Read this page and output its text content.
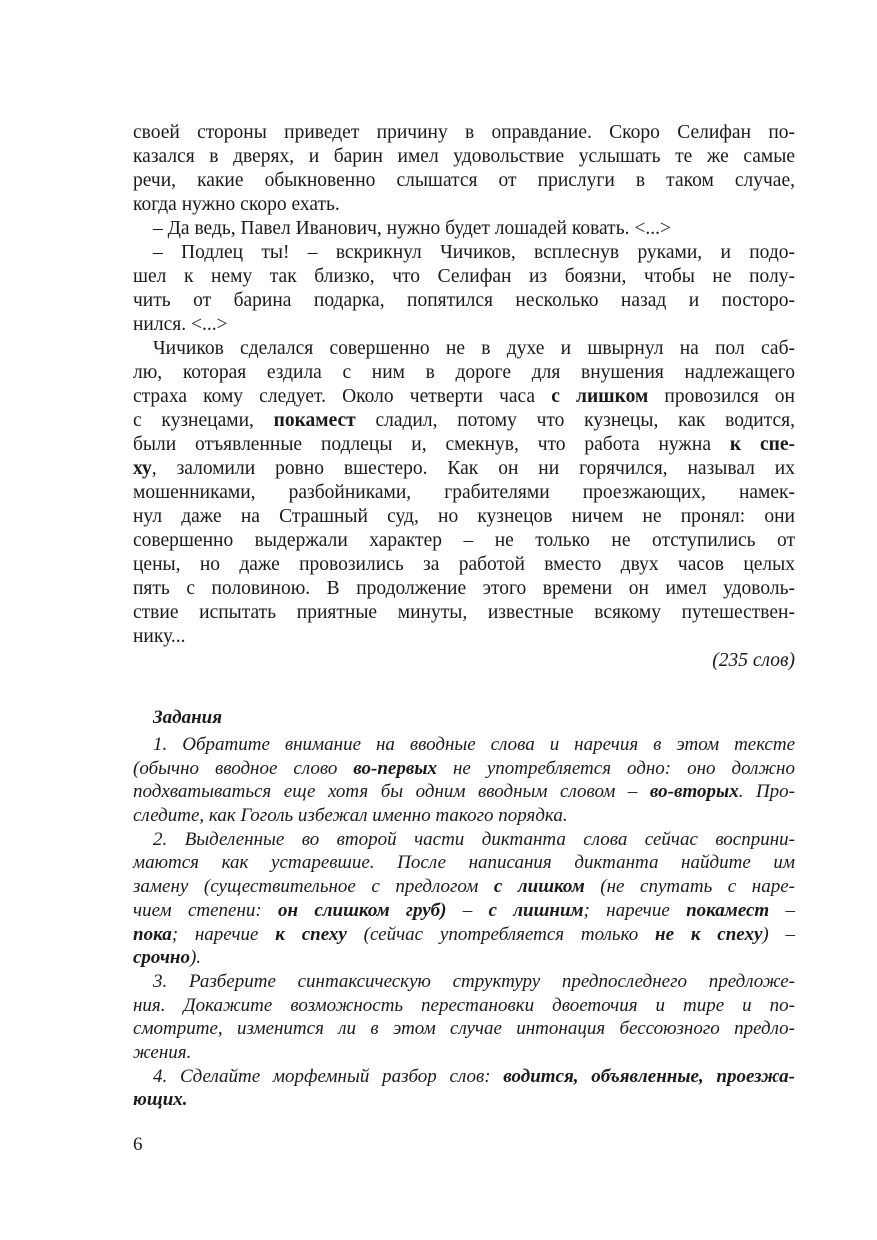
своей стороны приведет причину в оправдание. Скоро Селифан по-
казался в дверях, и барин имел удовольствие услышать те же самые
речи, какие обыкновенно слышатся от прислуги в таком случае,
когда нужно скоро ехать.
– Да ведь, Павел Иванович, нужно будет лошадей ковать. <...>
– Подлец ты! – вскрикнул Чичиков, всплеснув руками, и подо-
шел к нему так близко, что Селифан из боязни, чтобы не полу-
чить от барина подарка, попятился несколько назад и посторо-
нился. <...>
Чичиков сделался совершенно не в духе и швырнул на пол саб-
лю, которая ездила с ним в дороге для внушения надлежащего
страха кому следует. Около четверти часа с лишком провозился он
с кузнецами, покамест сладил, потому что кузнецы, как водится,
были отъявленные подлецы и, смекнув, что работа нужна к спе-
ху, заломили ровно вшестеро. Как он ни горячился, называл их
мошенниками, разбойниками, грабителями проезжающих, намек-
нул даже на Страшный суд, но кузнецов ничем не пронял: они
совершенно выдержали характер – не только не отступились от
цены, но даже провозились за работой вместо двух часов целых
пять с половиною. В продолжение этого времени он имел удоволь-
ствие испытать приятные минуты, известные всякому путешествен-
нику...
(235 слов)
Задания
1. Обратите внимание на вводные слова и наречия в этом тексте
(обычно вводное слово во-первых не употребляется одно: оно должно
подхватываться еще хотя бы одним вводным словом – во-вторых. Про-
следите, как Гоголь избежал именно такого порядка.
2. Выделенные во второй части диктанта слова сейчас восприни-
маются как устаревшие. После написания диктанта найдите им
замену (существительное с предлогом с лишком (не спутать с наре-
чием степени: он слишком груб) – с лишним; наречие покамест –
пока; наречие к спеху (сейчас употребляется только не к спеху) –
срочно).
3. Разберите синтаксическую структуру предпоследнего предложе-
ния. Докажите возможность перестановки двоеточия и тире и по-
смотрите, изменится ли в этом случае интонация бессоюзного предло-
жения.
4. Сделайте морфемный разбор слов: водится, объявленные, проезжа-
ющих.
6
